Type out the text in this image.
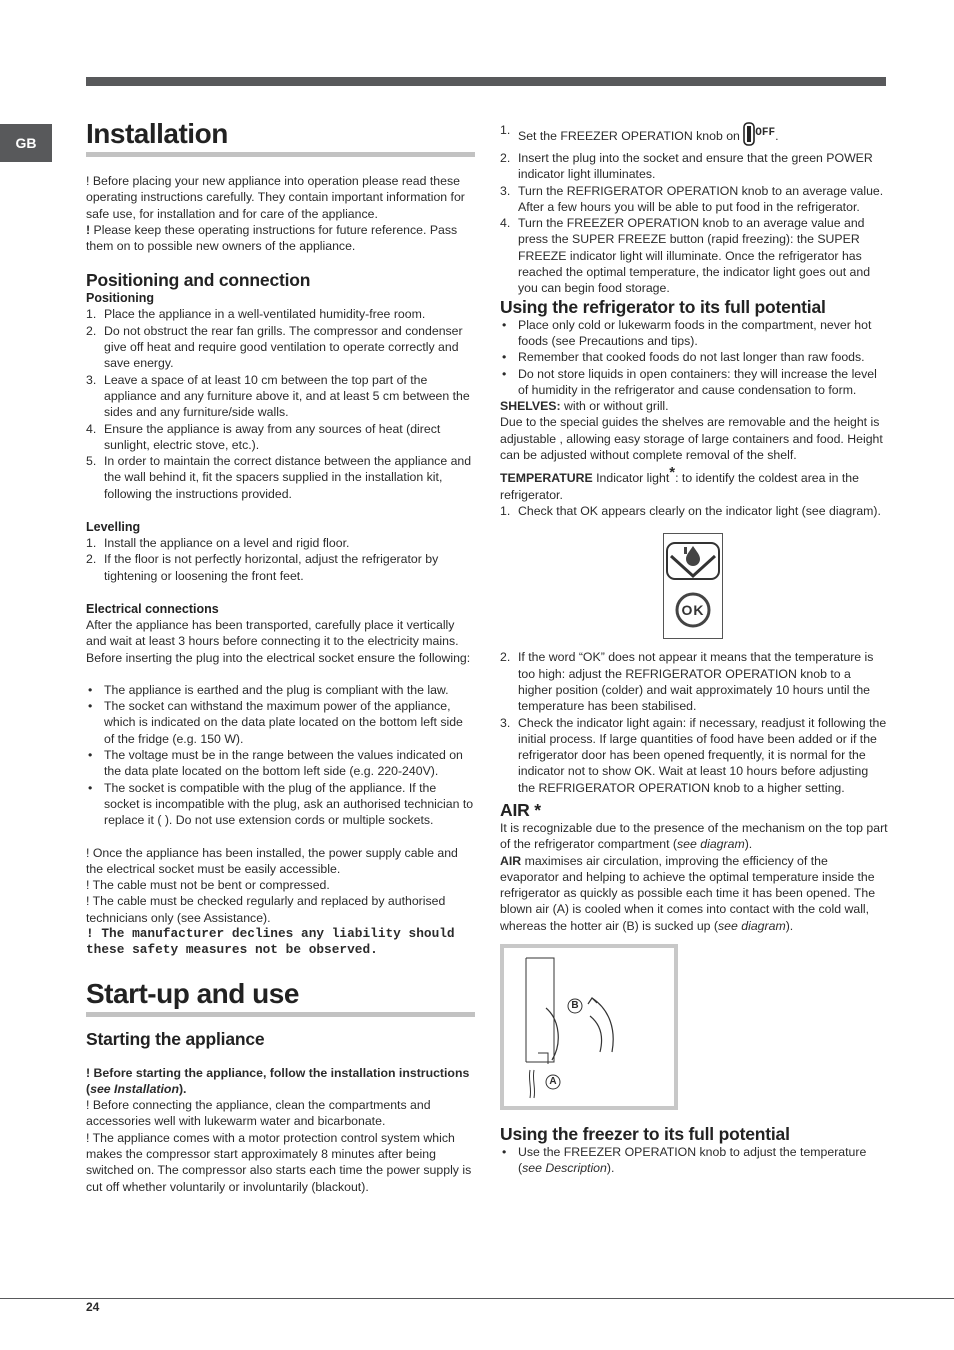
GB	Installation

! Before placing your new appliance into operation please read these operating instructions carefully. They contain important information for safe use, for installation and for care of the appliance.

! Please keep these operating instructions for future reference. Pass them on to possible new owners of the appliance.

Positioning and connection
Positioning
1. Place the appliance in a well-ventilated humidity-free room.
2. Do not obstruct the rear fan grills. The compressor and condenser give off heat and require good ventilation to operate correctly and save energy.
3. Leave a space of at least 10 cm between the top part of the appliance and any furniture above it, and at least 5 cm between the sides and any furniture/side walls.
4. Ensure the appliance is away from any sources of heat (direct sunlight, electric stove, etc.).
5. In order to maintain the correct distance between the appliance and the wall behind it, fit the spacers supplied in the installation kit, following the instructions provided.
Levelling
1. Install the appliance on a level and rigid floor.
2. If the floor is not perfectly horizontal, adjust the refrigerator by tightening or loosening the front feet.
Electrical connections

After the appliance has been transported, carefully place it vertically and wait at least 3 hours before connecting it to the electricity mains. Before inserting the plug into the electrical socket ensure the following:

• The appliance is earthed and the plug is compliant with the law.
• The socket can withstand the maximum power of the appliance, which is indicated on the data plate located on the bottom left side of the fridge (e.g. 150 W).
• The voltage must be in the range between the values indicated on the data plate located on the bottom left side (e.g. 220-240V).
• The socket is compatible with the plug of the appliance. If the socket is incompatible with the plug, ask an authorised technician to replace it ( ). Do not use extension cords or multiple sockets.

! Once the appliance has been installed, the power supply cable and the electrical socket must be easily accessible.

! The cable must not be bent or compressed.

! The cable must be checked regularly and replaced by authorised technicians only (see Assistance).

! The manufacturer declines any liability should these safety measures not be observed.

Start-up and use
Starting the appliance

! Before starting the appliance, follow the installation instructions (see Installation).

! Before connecting the appliance, clean the compartments and accessories well with lukewarm water and bicarbonate.

! The appliance comes with a motor protection control system which makes the compressor start approximately 8 minutes after being switched on. The compressor also starts each time the power supply is cut off whether voluntarily or involuntarily (blackout).

1. Set the FREEZER OPERATION knob on $^{OFF}$.
2. Insert the plug into the socket and ensure that the green POWER indicator light illuminates.
3. Turn the REFRIGERATOR OPERATION knob to an average value. After a few hours you will be able to put food in the refrigerator.
4. Turn the FREEZER OPERATION knob to an average value and press the SUPER FREEZE button (rapid freezing): the SUPER FREEZE indicator light will illuminate. Once the refrigerator has reached the optimal temperature, the indicator light goes out and you can begin food storage.
Using the refrigerator to its full potential
• Place only cold or lukewarm foods in the compartment, never hot foods (see Precautions and tips).
• Remember that cooked foods do not last longer than raw foods.
• Do not store liquids in open containers: they will increase the level of humidity in the refrigerator and cause condensation to form.

SHELVES: with or without grill.

Due to the special guides the shelves are removable and the height is adjustable , allowing easy storage of large containers and food. Height can be adjusted without complete removal of the shelf.

TEMPERATURE Indicator light*: to identify the coldest area in the refrigerator.

1. Check that OK appears clearly on the indicator light (see diagram).
OK
2. If the word “OK” does not appear it means that the temperature is too high: adjust the REFRIGERATOR OPERATION knob to a higher position (colder) and wait approximately 10 hours until the temperature has been stabilised.
3. Check the indicator light again: if necessary, readjust it following the initial process. If large quantities of food have been added or if the refrigerator door has been opened frequently, it is normal for the indicator not to show OK. Wait at least 10 hours before adjusting the REFRIGERATOR OPERATION knob to a higher setting.
AIR *

It is recognizable due to the presence of the mechanism on the top part of the refrigerator compartment (see diagram).

AIR maximises air circulation, improving the efficiency of the evaporator and helping to achieve the optimal temperature inside the refrigerator as quickly as possible each time it has been opened. The blown air (A) is cooled when it comes into contact with the cold wall, whereas the hotter air (B) is sucked up (see diagram).

B
A
Using the freezer to its full potential
• Use the FREEZER OPERATION knob to adjust the temperature (see Description).
24
